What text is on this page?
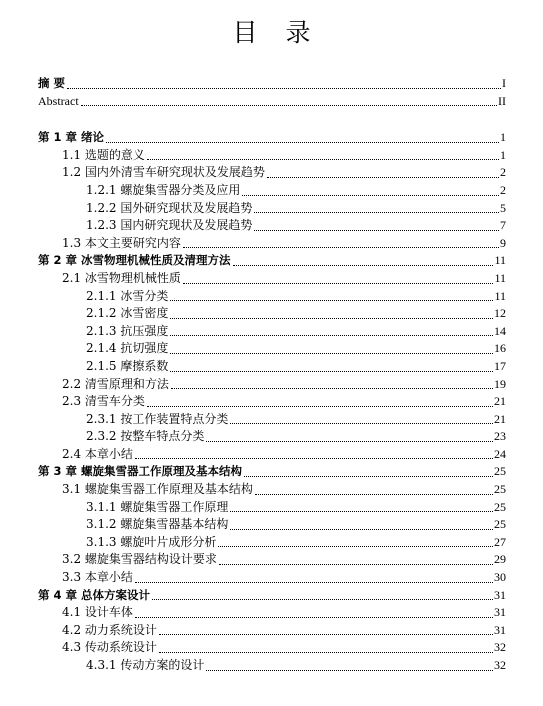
目 录
摘 要	I
Abstract	II
第 1 章 绪论	1
1.1 选题的意义	1
1.2 国内外清雪车研究现状及发展趋势	2
1.2.1 螺旋集雪器分类及应用	2
1.2.2 国外研究现状及发展趋势	5
1.2.3 国内研究现状及发展趋势	7
1.3 本文主要研究内容	9
第 2 章 冰雪物理机械性质及清理方法	11
2.1 冰雪物理机械性质	11
2.1.1 冰雪分类	11
2.1.2 冰雪密度	12
2.1.3 抗压强度	14
2.1.4 抗切强度	16
2.1.5 摩擦系数	17
2.2 清雪原理和方法	19
2.3 清雪车分类	21
2.3.1 按工作装置特点分类	21
2.3.2 按整车特点分类	23
2.4 本章小结	24
第 3 章 螺旋集雪器工作原理及基本结构	25
3.1 螺旋集雪器工作原理及基本结构	25
3.1.1 螺旋集雪器工作原理	25
3.1.2 螺旋集雪器基本结构	25
3.1.3 螺旋叶片成形分析	27
3.2 螺旋集雪器结构设计要求	29
3.3 本章小结	30
第 4 章 总体方案设计	31
4.1 设计车体	31
4.2 动力系统设计	31
4.3 传动系统设计	32
4.3.1 传动方案的设计	32
